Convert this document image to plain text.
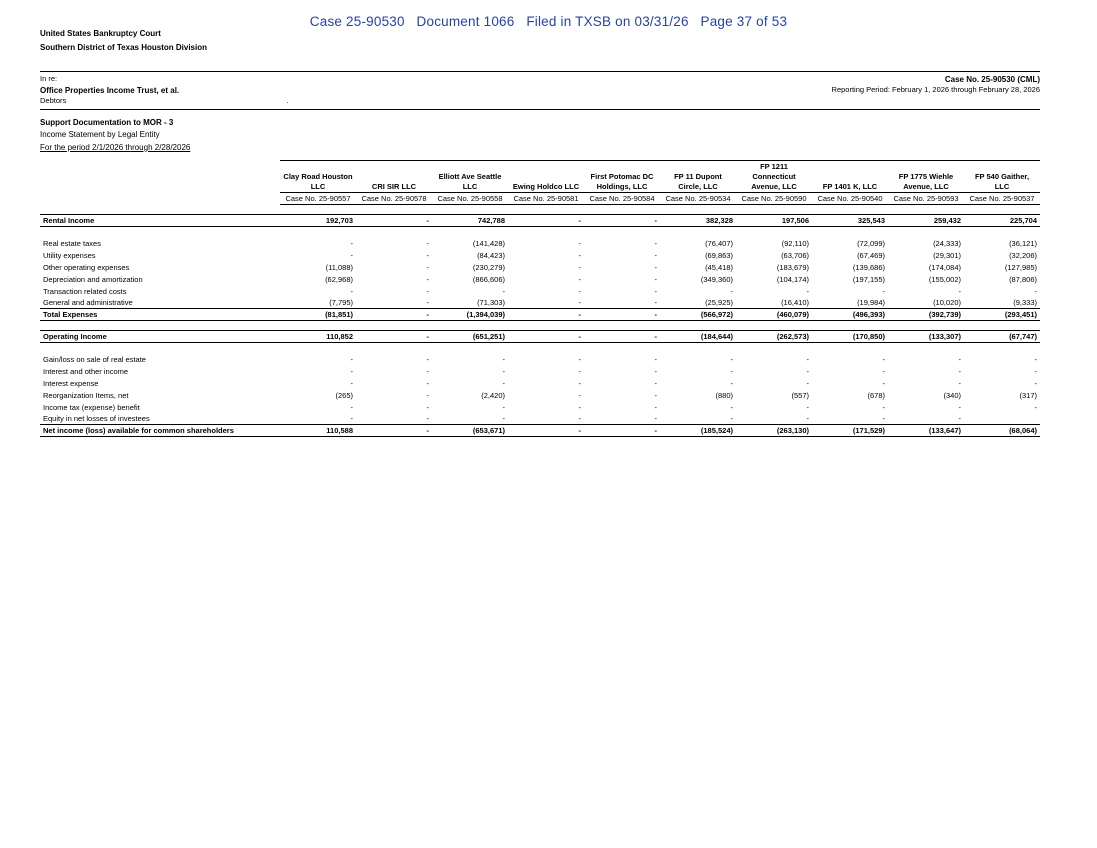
Case 25-90530   Document 1066   Filed in TXSB on 03/31/26   Page 37 of 53
United States Bankruptcy Court
Southern District of Texas Houston Division
In re:
Office Properties Income Trust, et al.
Debtors	.
Case No. 25-90530 (CML)
Reporting Period: February 1, 2026 through February 28, 2026
Support Documentation to MOR - 3
Income Statement by Legal Entity
For the period 2/1/2026 through 2/28/2026
	Clay Road Houston LLC	CRI SIR LLC	Elliott Ave Seattle LLC	Ewing Holdco LLC	First Potomac DC Holdings, LLC	FP 11 Dupont Circle, LLC	FP 1211 Connecticut Avenue, LLC	FP 1401 K, LLC	FP 1775 Wiehle Avenue, LLC	FP 540 Gaither, LLC
	Case No. 25-90557	Case No. 25-90578	Case No. 25-90558	Case No. 25-90581	Case No. 25-90584	Case No. 25-90534	Case No. 25-90590	Case No. 25-90540	Case No. 25-90593	Case No. 25-90537

Rental Income	192,703	-	742,788	-	-	382,328	197,506	325,543	259,432	225,704

Real estate taxes	-	-	(141,428)	-	-	(76,407)	(92,110)	(72,099)	(24,333)	(36,121)
Utility expenses	-	-	(84,423)	-	-	(69,863)	(63,706)	(67,469)	(29,301)	(32,206)
Other operating expenses	(11,088)	-	(230,279)	-	-	(45,418)	(183,679)	(139,686)	(174,084)	(127,985)
Depreciation and amortization	(62,968)	-	(866,606)	-	-	(349,360)	(104,174)	(197,155)	(155,002)	(87,806)
Transaction related costs	-	-	-	-	-	-	-	-	-	-
General and administrative	(7,795)	-	(71,303)	-	-	(25,925)	(16,410)	(19,984)	(10,020)	(9,333)
Total Expenses	(81,851)	-	(1,394,039)	-	-	(566,972)	(460,079)	(496,393)	(392,739)	(293,451)

Operating Income	110,852	-	(651,251)	-	-	(184,644)	(262,573)	(170,850)	(133,307)	(67,747)

Gain/loss on sale of real estate	-	-	-	-	-	-	-	-	-	-
Interest and other income	-	-	-	-	-	-	-	-	-	-
Interest expense	-	-	-	-	-	-	-	-	-	-
Reorganization Items, net	(265)	-	(2,420)	-	-	(880)	(557)	(678)	(340)	(317)
Income tax (expense) benefit	-	-	-	-	-	-	-	-	-	-
Equity in net losses of investees	-	-	-	-	-	-	-	-	-	
Net income (loss) available for common shareholders	110,588	-	(653,671)	-	-	(185,524)	(263,130)	(171,529)	(133,647)	(68,064)
